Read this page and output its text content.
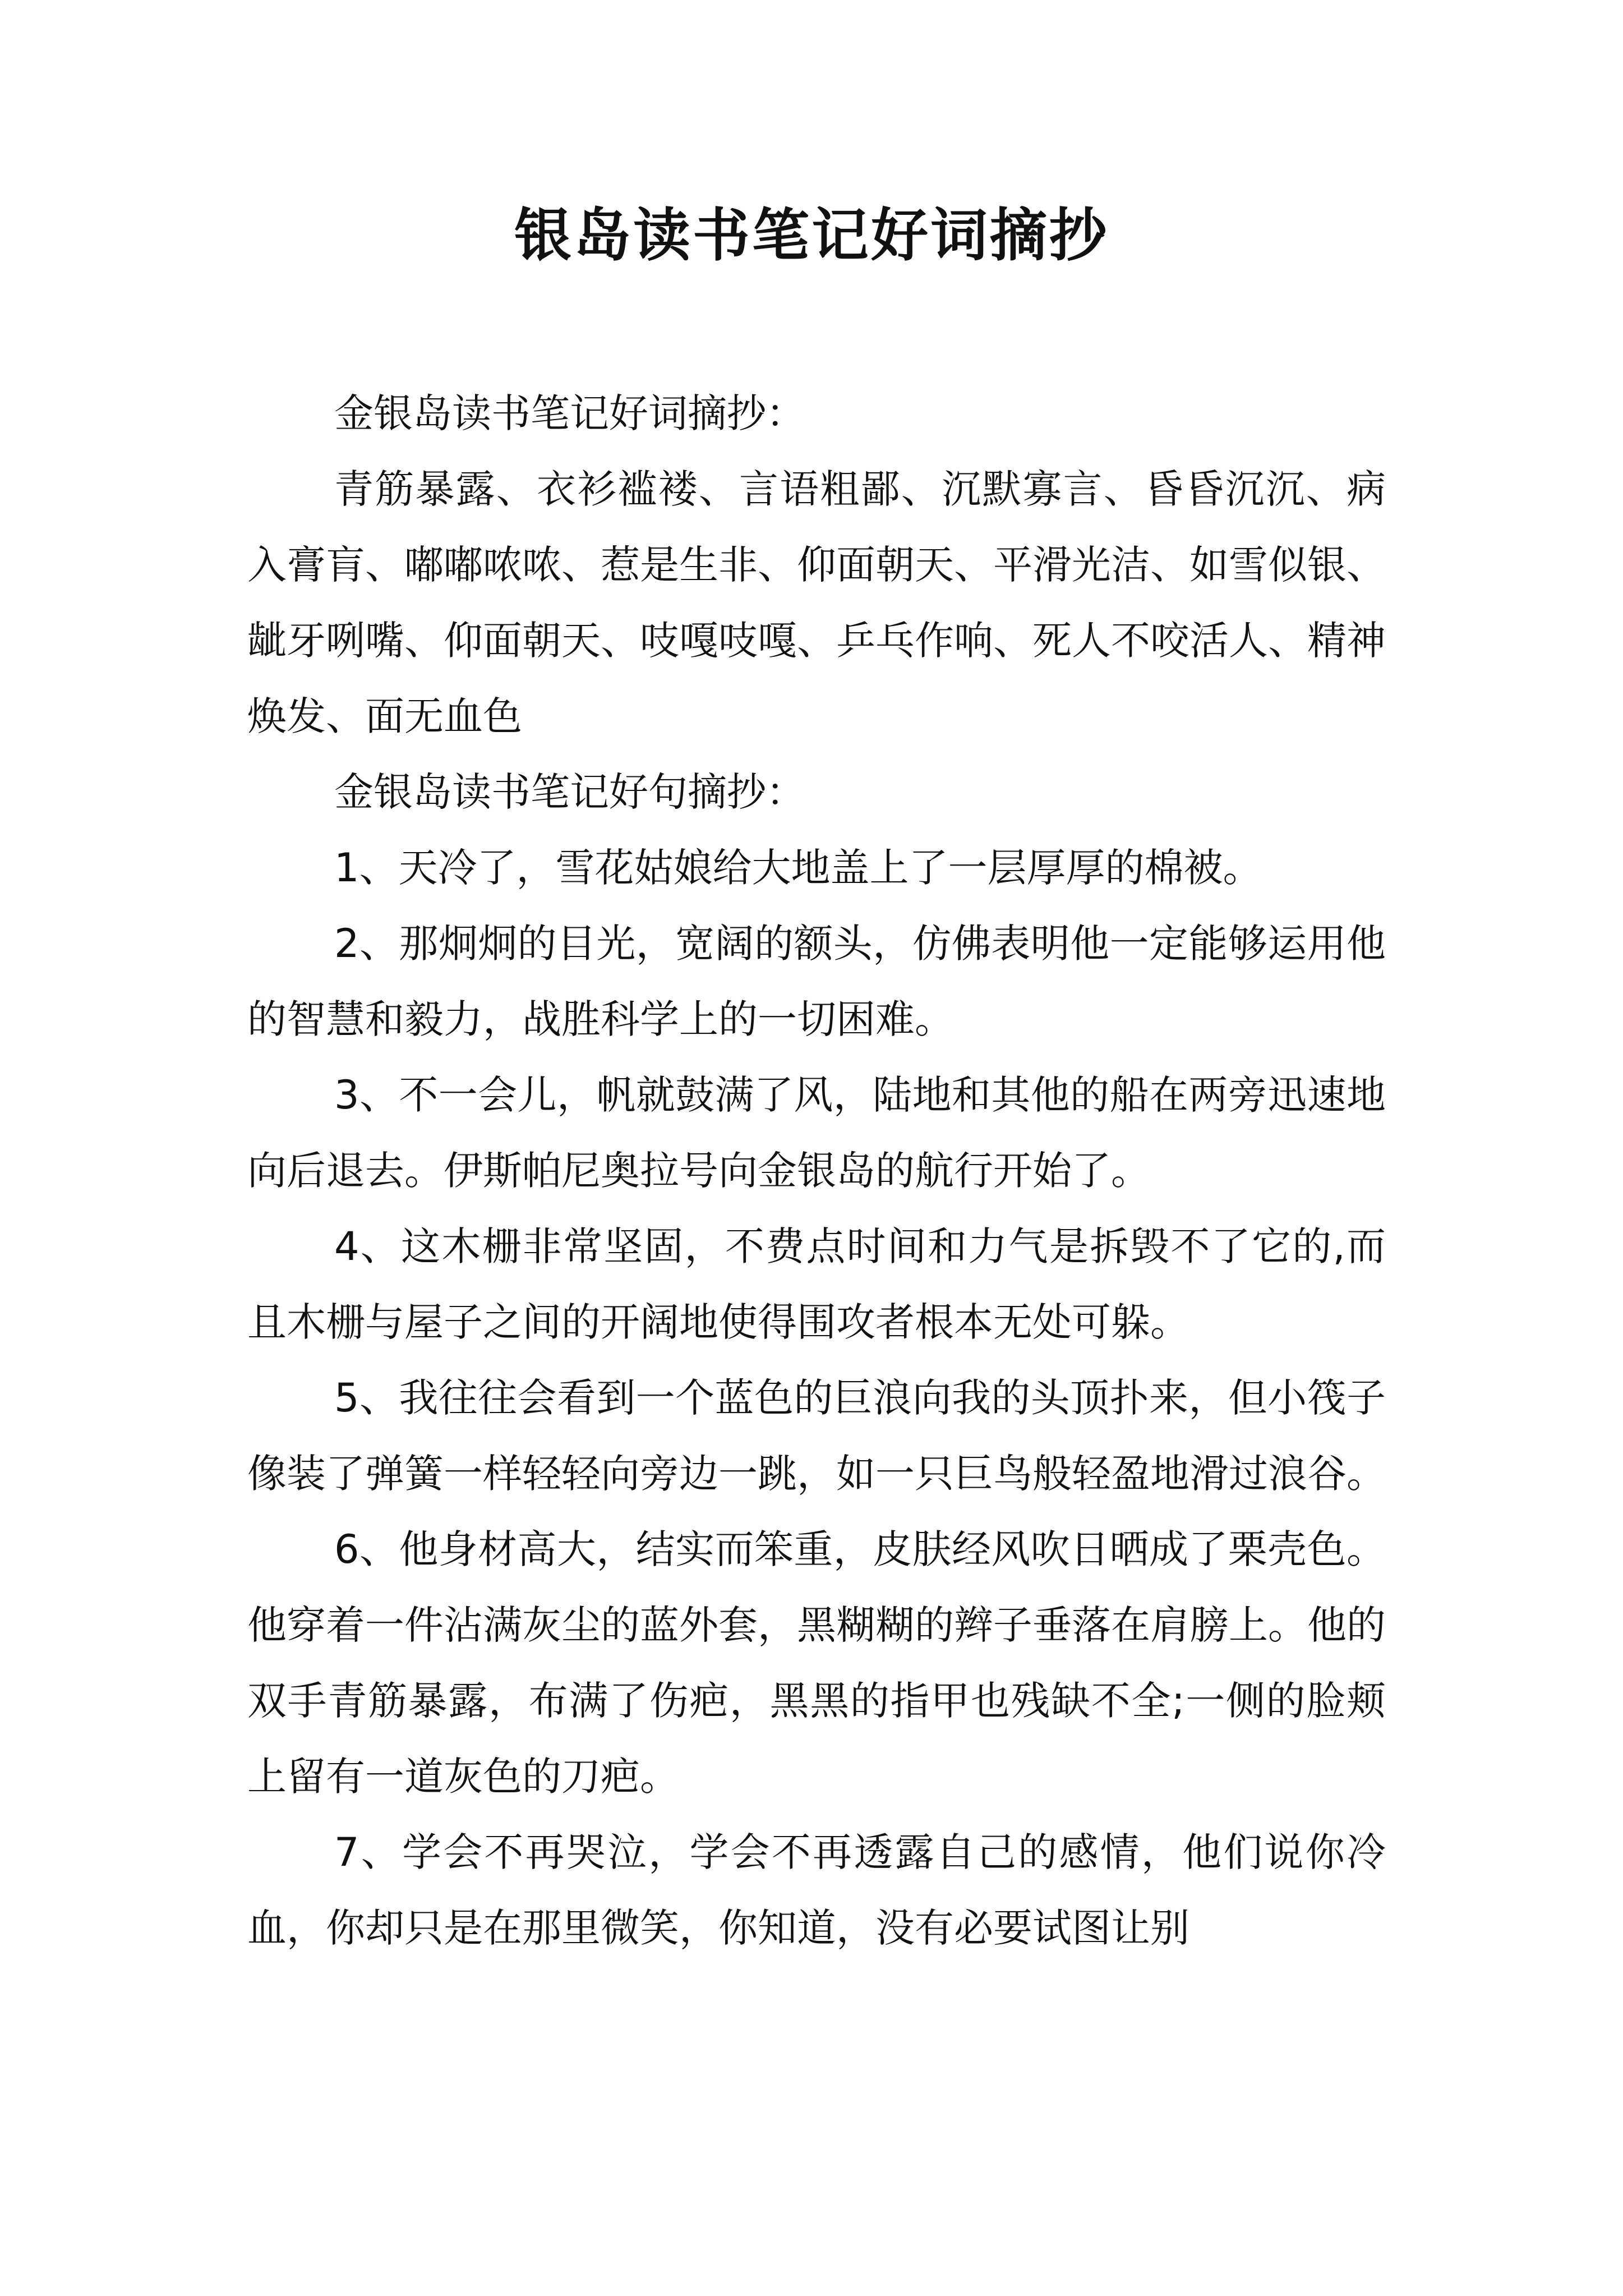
银岛读书笔记好词摘抄

金银岛读书笔记好词摘抄：

青筋暴露、衣衫褴褛、言语粗鄙、沉默寡言、昏昏沉沉、病入膏肓、嘟嘟哝哝、惹是生非、仰面朝天、平滑光洁、如雪似银、龇牙咧嘴、仰面朝天、吱嘎吱嘎、乒乓作响、死人不咬活人、精神焕发、面无血色

金银岛读书笔记好句摘抄：

1、天冷了，雪花姑娘给大地盖上了一层厚厚的棉被。

2、那炯炯的目光，宽阔的额头，仿佛表明他一定能够运用他的智慧和毅力，战胜科学上的一切困难。

3、不一会儿，帆就鼓满了风，陆地和其他的船在两旁迅速地向后退去。伊斯帕尼奥拉号向金银岛的航行开始了。

4、这木栅非常坚固，不费点时间和力气是拆毁不了它的,而且木栅与屋子之间的开阔地使得围攻者根本无处可躲。

5、我往往会看到一个蓝色的巨浪向我的头顶扑来，但小筏子像装了弹簧一样轻轻向旁边一跳，如一只巨鸟般轻盈地滑过浪谷。

6、他身材高大，结实而笨重，皮肤经风吹日晒成了栗壳色。他穿着一件沾满灰尘的蓝外套，黑糊糊的辫子垂落在肩膀上。他的双手青筋暴露，布满了伤疤，黑黑的指甲也残缺不全;一侧的脸颊上留有一道灰色的刀疤。

7、学会不再哭泣，学会不再透露自己的感情，他们说你冷血，你却只是在那里微笑，你知道，没有必要试图让别
